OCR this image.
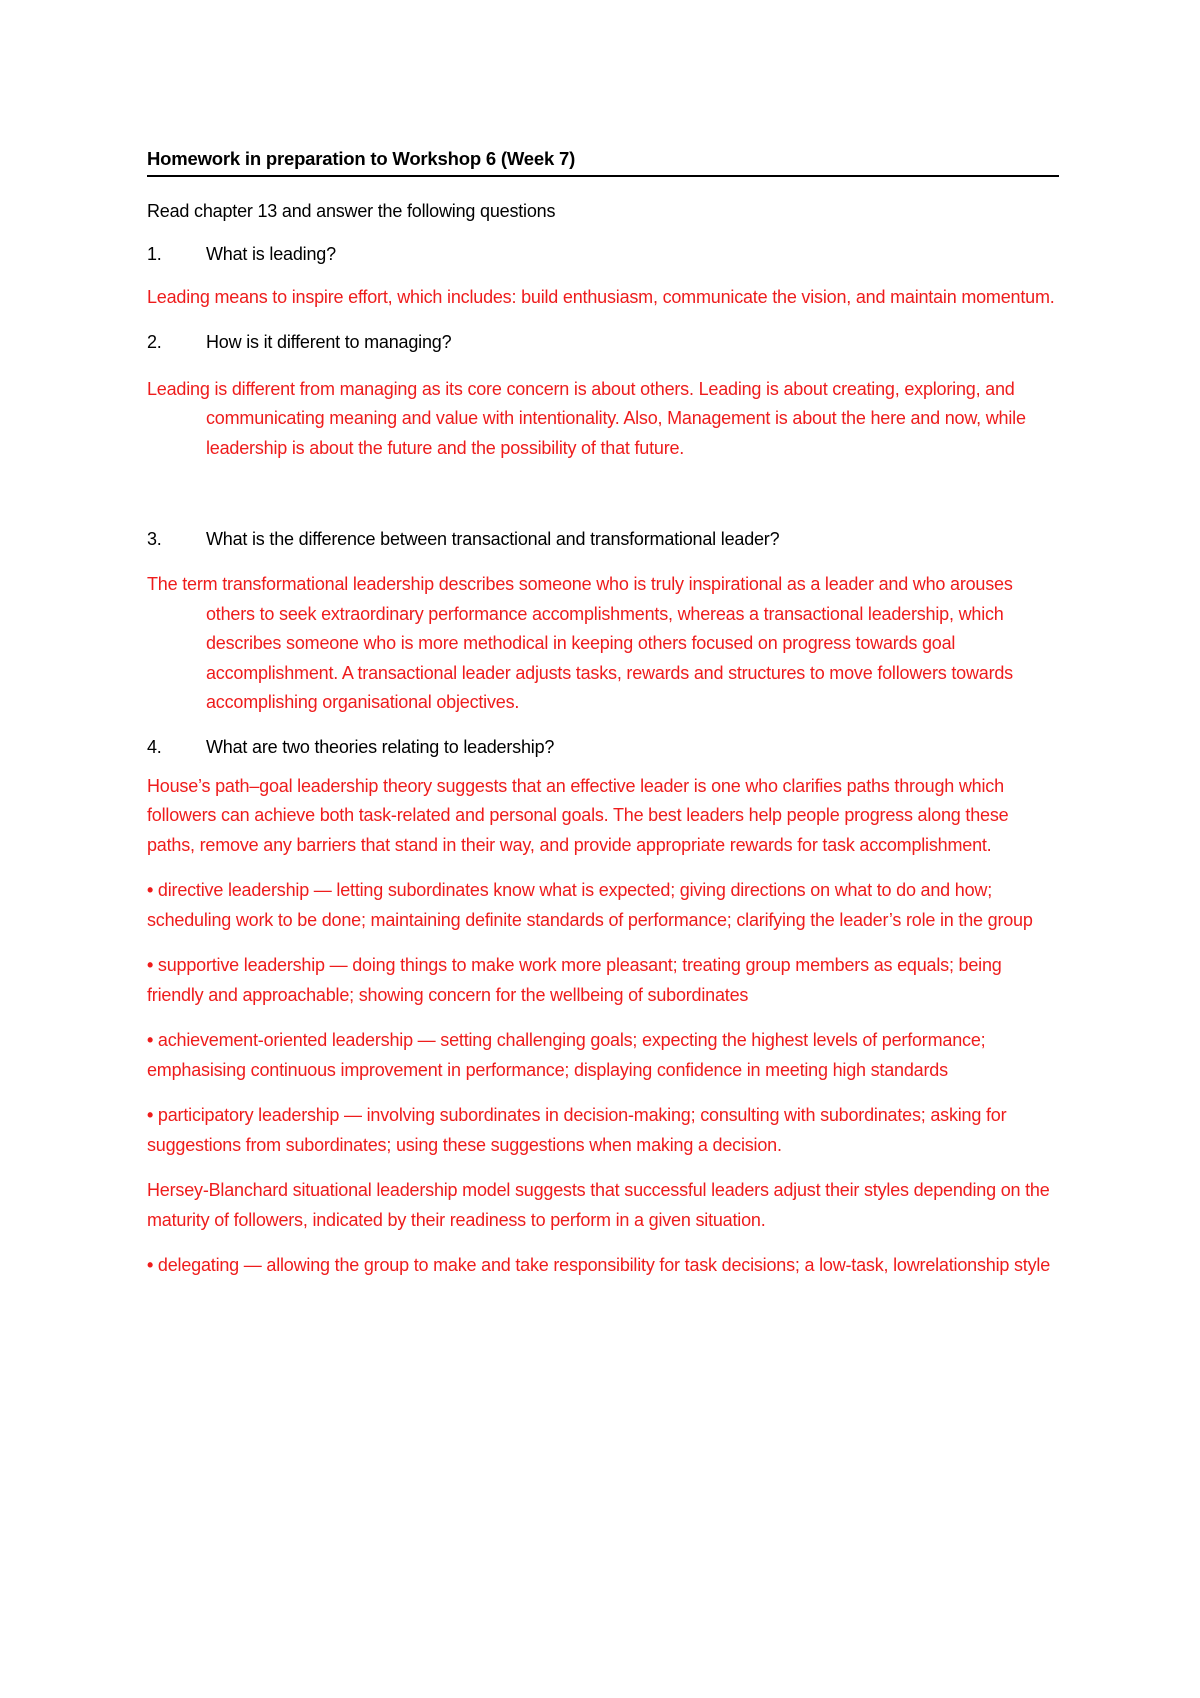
Homework in preparation to Workshop 6 (Week 7)

Read chapter 13 and answer the following questions

1.	What is leading?

Leading means to inspire effort, which includes: build enthusiasm, communicate the vision, and maintain momentum.

2.	How is it different to managing?

Leading is different from managing as its core concern is about others. Leading is about creating, exploring, and communicating meaning and value with intentionality. Also, Management is about the here and now, while leadership is about the future and the possibility of that future.

3.	What is the difference between transactional and transformational leader?

The term transformational leadership describes someone who is truly inspirational as a leader and who arouses others to seek extraordinary performance accomplishments, whereas a transactional leadership, which describes someone who is more methodical in keeping others focused on progress towards goal accomplishment. A transactional leader adjusts tasks, rewards and structures to move followers towards accomplishing organisational objectives.

4.	What are two theories relating to leadership?

House’s path–goal leadership theory suggests that an effective leader is one who clarifies paths through which followers can achieve both task-related and personal goals. The best leaders help people progress along these paths, remove any barriers that stand in their way, and provide appropriate rewards for task accomplishment.

• directive leadership — letting subordinates know what is expected; giving directions on what to do and how; scheduling work to be done; maintaining definite standards of performance; clarifying the leader’s role in the group

• supportive leadership — doing things to make work more pleasant; treating group members as equals; being friendly and approachable; showing concern for the wellbeing of subordinates

• achievement-oriented leadership — setting challenging goals; expecting the highest levels of performance; emphasising continuous improvement in performance; displaying confidence in meeting high standards

• participatory leadership — involving subordinates in decision-making; consulting with subordinates; asking for suggestions from subordinates; using these suggestions when making a decision.

Hersey-Blanchard situational leadership model suggests that successful leaders adjust their styles depending on the maturity of followers, indicated by their readiness to perform in a given situation.

• delegating — allowing the group to make and take responsibility for task decisions; a low-task, lowrelationship style
